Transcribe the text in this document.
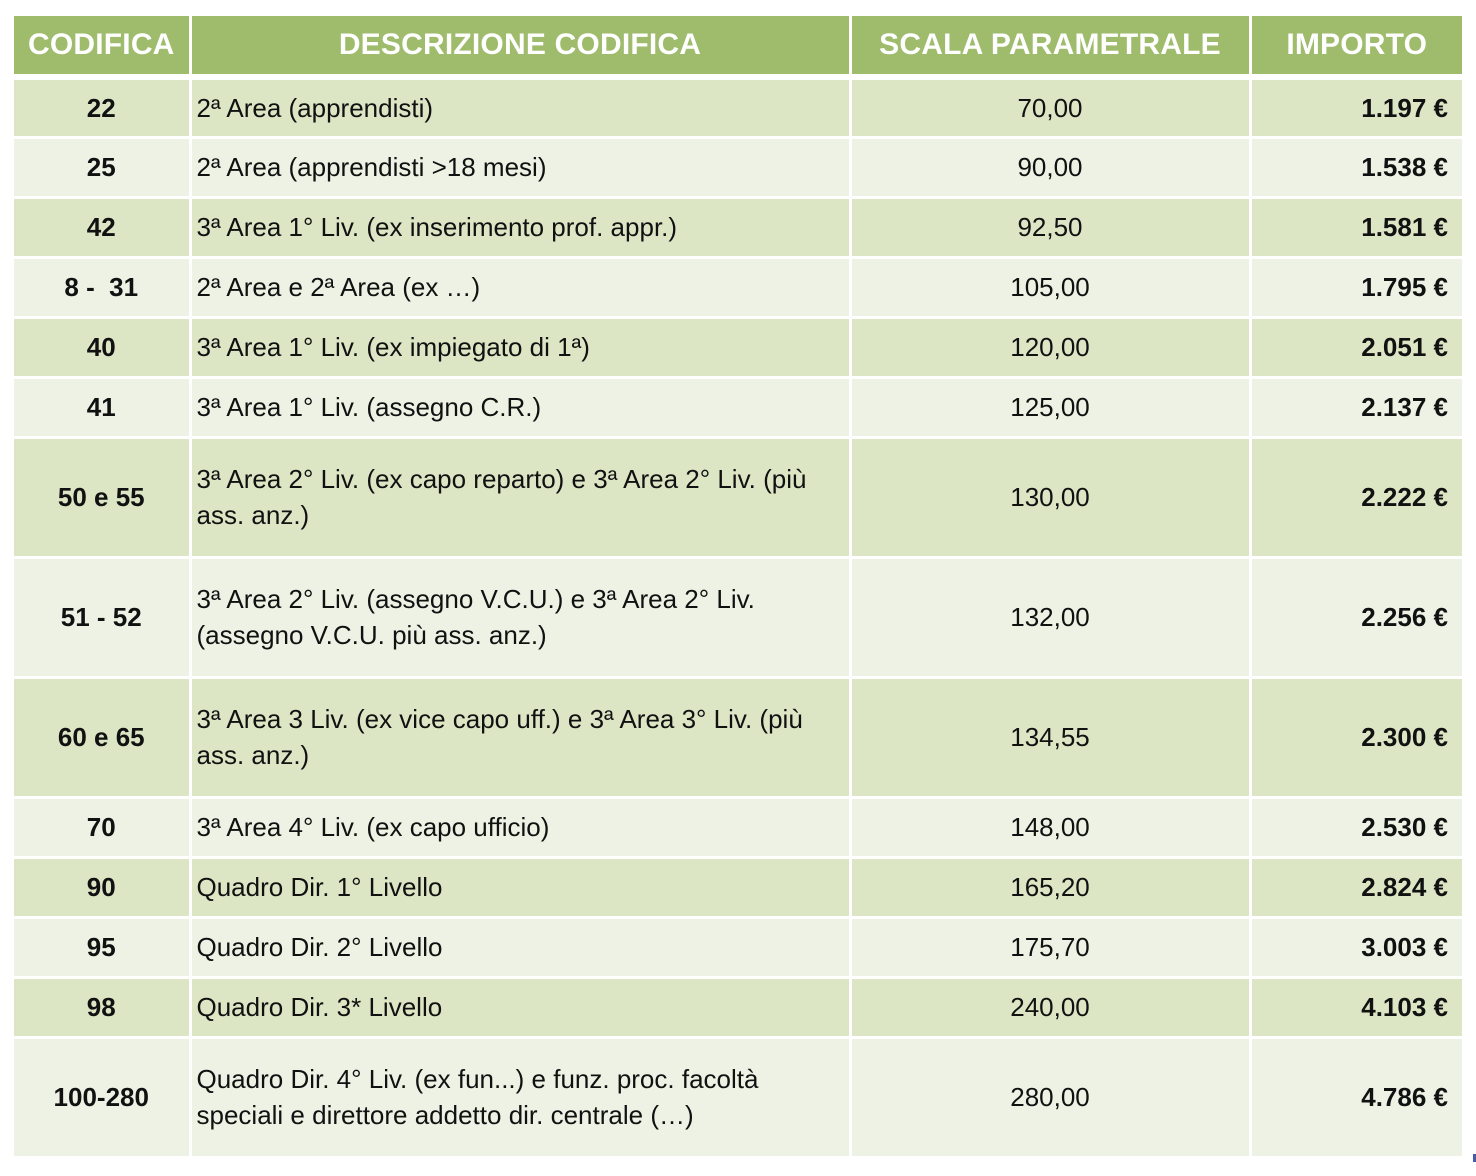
CODIFICA	DESCRIZIONE CODIFICA	SCALA PARAMETRALE	IMPORTO
22	2ª Area (apprendisti)	70,00	1.197 €
25	2ª Area (apprendisti >18 mesi)	90,00	1.538 €
42	3ª Area 1° Liv. (ex inserimento prof. appr.)	92,50	1.581 €
8 -  31	2ª Area e 2ª Area (ex …)	105,00	1.795 €
40	3ª Area 1° Liv. (ex impiegato di 1ª)	120,00	2.051 €
41	3ª Area 1° Liv. (assegno C.R.)	125,00	2.137 €
50 e 55	3ª Area 2° Liv. (ex capo reparto) e 3ª Area 2° Liv. (più ass. anz.)	130,00	2.222 €
51 - 52	3ª Area 2° Liv. (assegno V.C.U.) e 3ª Area 2° Liv. (assegno V.C.U. più ass. anz.)	132,00	2.256 €
60 e 65	3ª Area 3 Liv. (ex vice capo uff.) e 3ª Area 3° Liv. (più ass. anz.)	134,55	2.300 €
70	3ª Area 4° Liv. (ex capo ufficio)	148,00	2.530 €
90	Quadro Dir. 1° Livello	165,20	2.824 €
95	Quadro Dir. 2° Livello	175,70	3.003 €
98	Quadro Dir. 3* Livello	240,00	4.103 €
100-280	Quadro Dir. 4° Liv. (ex fun...) e funz. proc. facoltà speciali e direttore addetto dir. centrale (…)	280,00	4.786 €
